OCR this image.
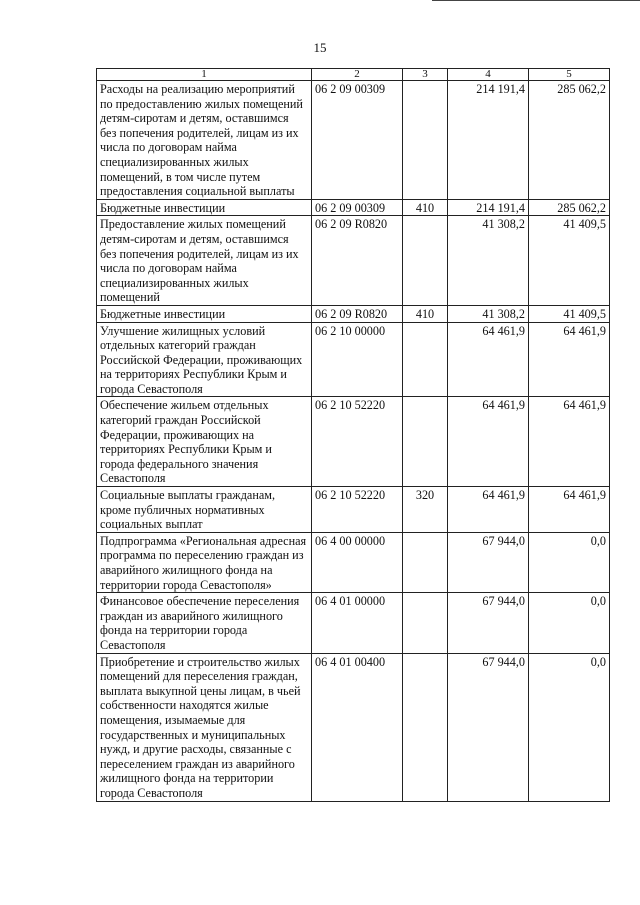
15
1	2	3	4	5
Расходы на реализацию мероприятий по предоставлению жилых помещений детям-сиротам и детям, оставшимся без попечения родителей, лицам из их числа по договорам найма специализированных жилых помещений, в том числе путем предоставления социальной выплаты	06 2 09 00309		214 191,4	285 062,2
Бюджетные инвестиции	06 2 09 00309	410	214 191,4	285 062,2
Предоставление жилых помещений детям-сиротам и детям, оставшимся без попечения родителей, лицам из их числа по договорам найма специализированных жилых помещений	06 2 09 R0820		41 308,2	41 409,5
Бюджетные инвестиции	06 2 09 R0820	410	41 308,2	41 409,5
Улучшение жилищных условий отдельных категорий граждан Российской Федерации, проживающих на территориях Республики Крым и города Севастополя	06 2 10 00000		64 461,9	64 461,9
Обеспечение жильем отдельных категорий граждан Российской Федерации, проживающих на территориях Республики Крым и города федерального значения Севастополя	06 2 10 52220		64 461,9	64 461,9
Социальные выплаты гражданам, кроме публичных нормативных социальных выплат	06 2 10 52220	320	64 461,9	64 461,9
Подпрограмма «Региональная адресная программа по переселению граждан из аварийного жилищного фонда на территории города Севастополя»	06 4 00 00000		67 944,0	0,0
Финансовое обеспечение переселения граждан из аварийного жилищного фонда на территории города Севастополя	06 4 01 00000		67 944,0	0,0
Приобретение и строительство жилых помещений для переселения граждан, выплата выкупной цены лицам, в чьей собственности находятся жилые помещения, изымаемые для государственных и муниципальных нужд, и другие расходы, связанные с переселением граждан из аварийного жилищного фонда на территории города Севастополя	06 4 01 00400		67 944,0	0,0
